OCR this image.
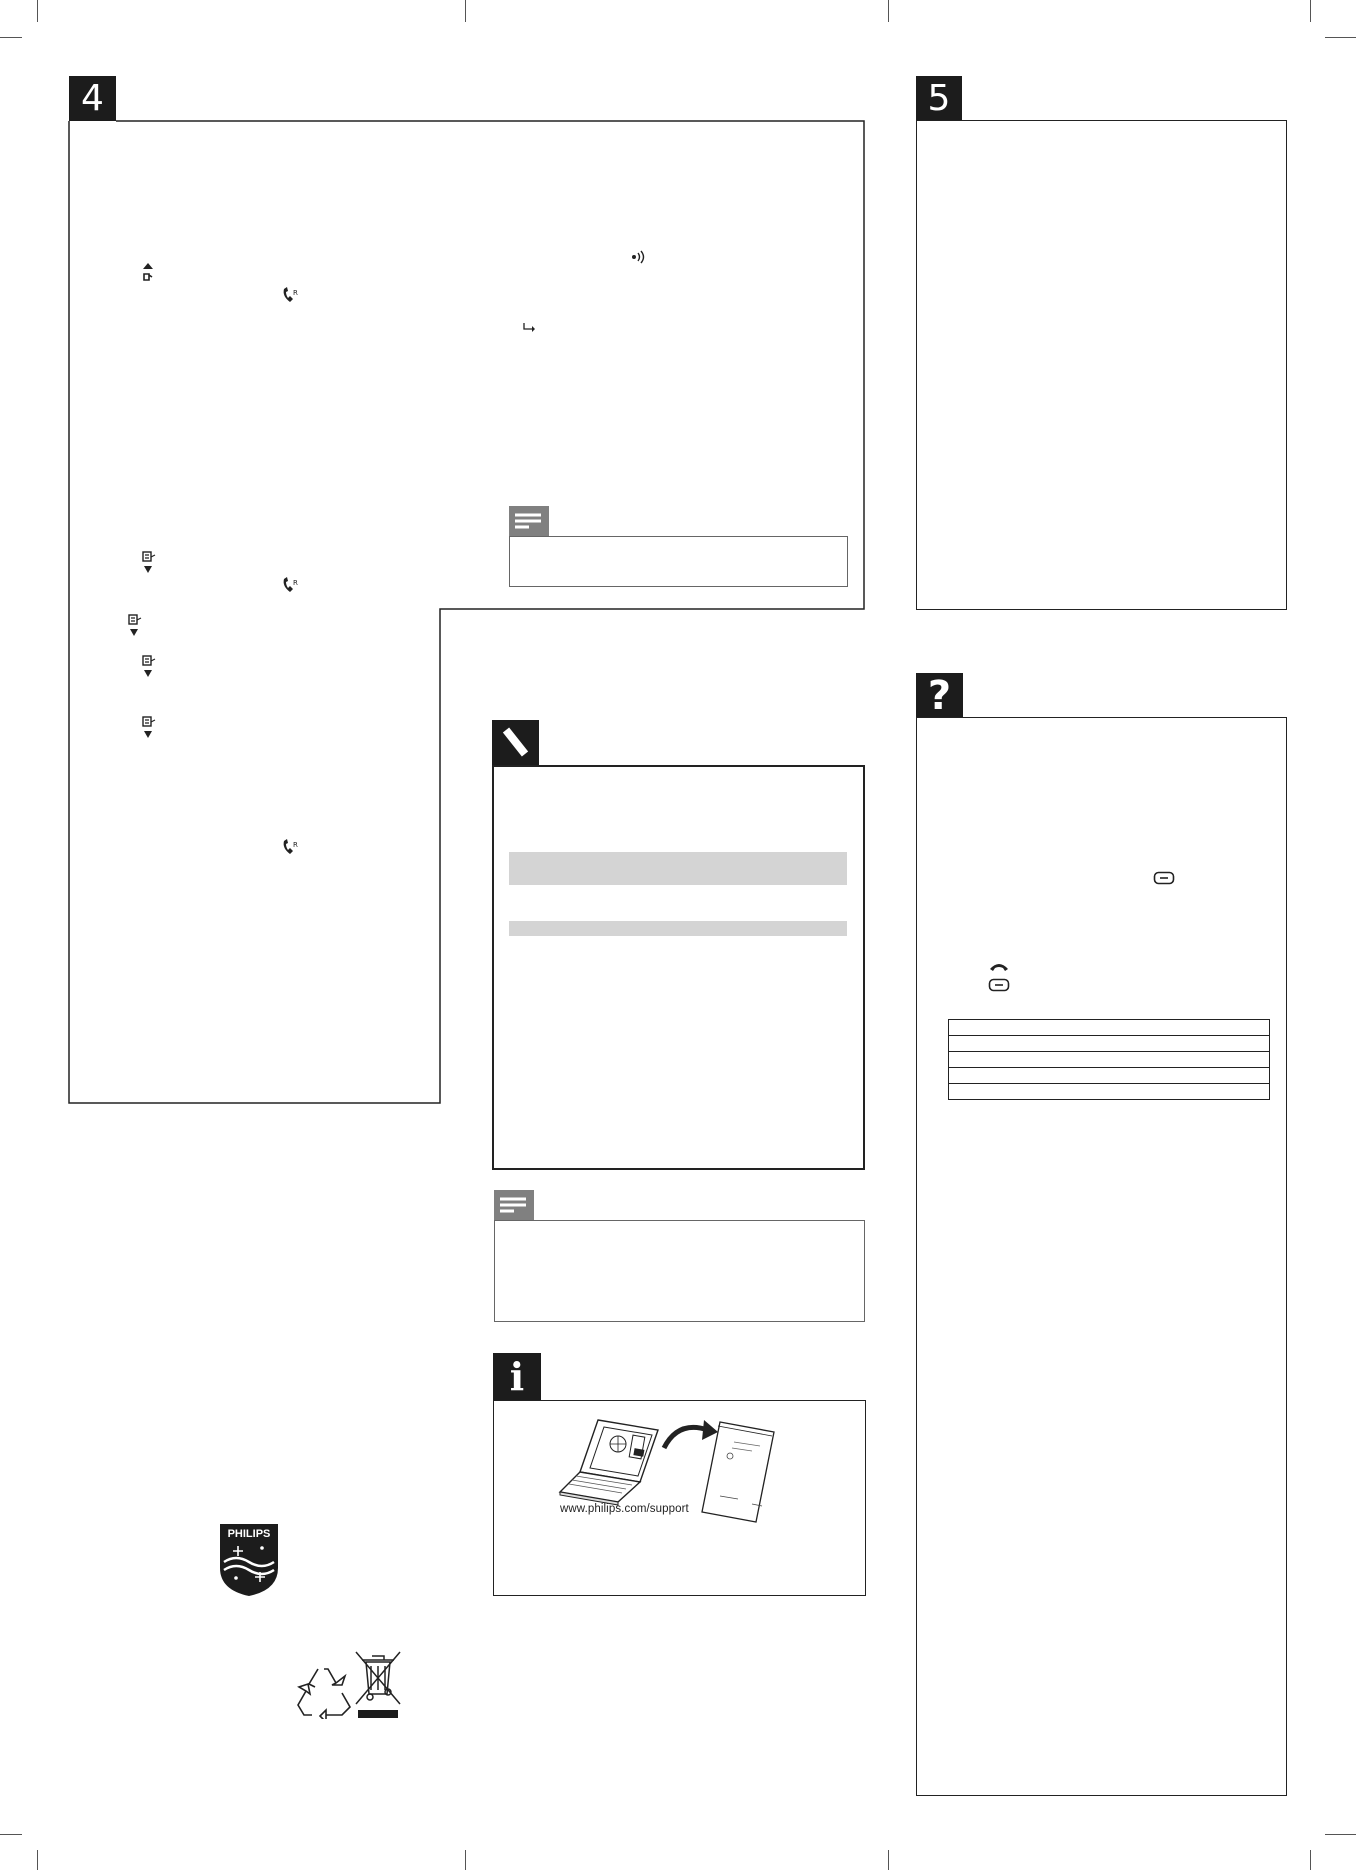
4
R
R
R
5
i
www.philips.com/support
?

PHILIPS
